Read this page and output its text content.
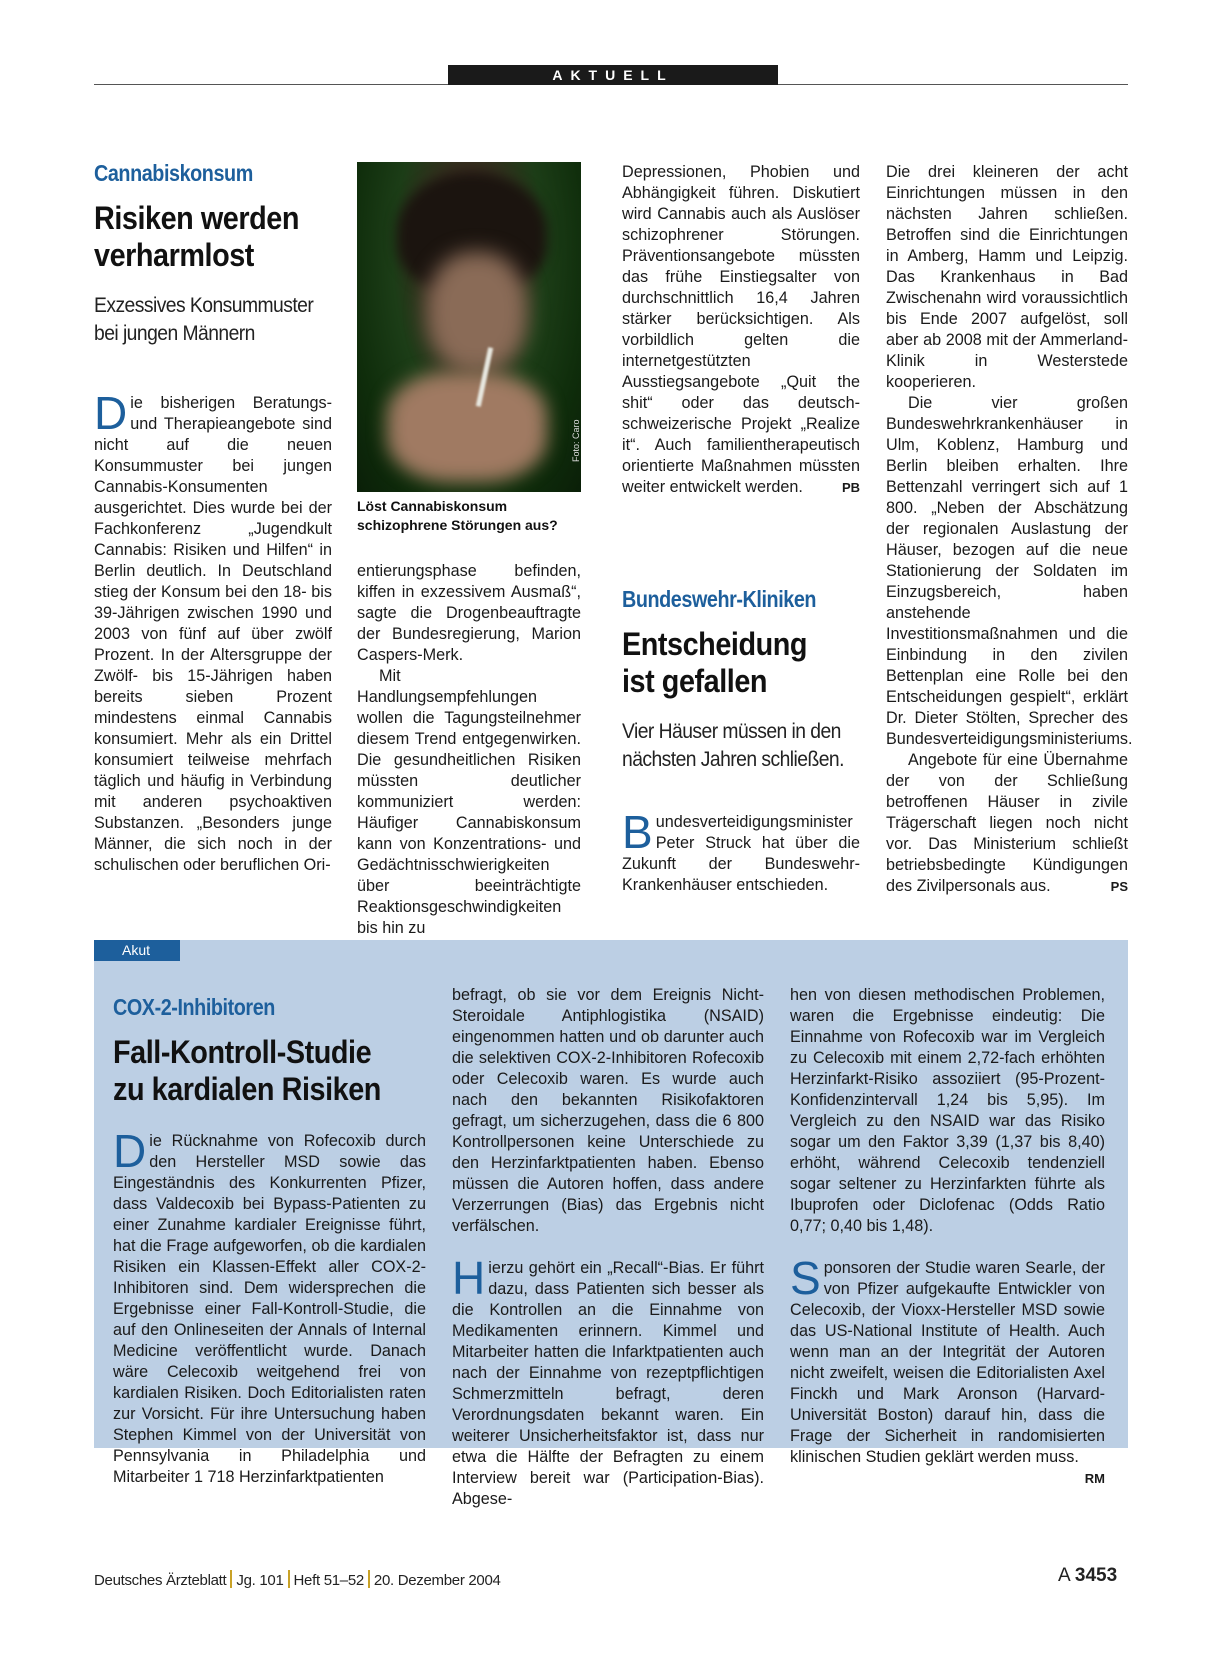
AKTUELL
Cannabiskonsum
Risiken werden
verharmlost
Exzessives Konsummuster
bei jungen Männern

Die bisherigen Beratungs- und Therapieangebote sind nicht auf die neuen Konsummuster bei jungen Cannabis-Konsumenten ausgerichtet. Dies wurde bei der Fachkonferenz „Jugendkult Cannabis: Risiken und Hilfen“ in Berlin deutlich. In Deutschland stieg der Konsum bei den 18- bis 39-Jährigen zwischen 1990 und 2003 von fünf auf über zwölf Prozent. In der Altersgruppe der Zwölf- bis 15-Jährigen haben bereits sieben Prozent mindestens einmal Cannabis konsumiert. Mehr als ein Drittel konsumiert teilweise mehrfach täglich und häufig in Verbindung mit anderen psychoaktiven Substanzen. „Besonders junge Männer, die sich noch in der schulischen oder beruflichen Ori-

Foto: Caro
Löst Cannabiskonsum schizophrene Störungen aus?

entierungsphase befinden, kiffen in exzessivem Ausmaß“, sagte die Drogenbeauftragte der Bundesregierung, Marion Caspers-Merk.

Mit Handlungsempfehlungen wollen die Tagungsteilnehmer diesem Trend entgegenwirken. Die gesundheitlichen Risiken müssten deutlicher kommuniziert werden: Häufiger Cannabiskonsum kann von Konzentrations- und Gedächtnisschwierigkeiten über beeinträchtigte Reaktionsgeschwindigkeiten bis hin zu

Depressionen, Phobien und Abhängigkeit führen. Diskutiert wird Cannabis auch als Auslöser schizophrener Störungen. Präventionsangebote müssten das frühe Einstiegsalter von durchschnittlich 16,4 Jahren stärker berücksichtigen. Als vorbildlich gelten die internetgestützten Ausstiegsangebote „Quit the shit“ oder das deutsch-schweizerische Projekt „Realize it“. Auch familientherapeutisch orientierte Maßnahmen müssten weiter entwickelt werden.	PB

Bundeswehr-Kliniken
Entscheidung
ist gefallen
Vier Häuser müssen in den
nächsten Jahren schließen.

Bundesverteidigungsminister Peter Struck hat über die Zukunft der Bundeswehr-Krankenhäuser entschieden.

Die drei kleineren der acht Einrichtungen müssen in den nächsten Jahren schließen. Betroffen sind die Einrichtungen in Amberg, Hamm und Leipzig. Das Krankenhaus in Bad Zwischenahn wird voraussichtlich bis Ende 2007 aufgelöst, soll aber ab 2008 mit der Ammerland-Klinik in Westerstede kooperieren.

Die vier großen Bundeswehrkrankenhäuser in Ulm, Koblenz, Hamburg und Berlin bleiben erhalten. Ihre Bettenzahl verringert sich auf 1 800. „Neben der Abschätzung der regionalen Auslastung der Häuser, bezogen auf die neue Stationierung der Soldaten im Einzugsbereich, haben anstehende Investitionsmaßnahmen und die Einbindung in den zivilen Bettenplan eine Rolle bei den Entscheidungen gespielt“, erklärt Dr. Dieter Stölten, Sprecher des Bundesverteidigungsministeriums.

Angebote für eine Übernahme der von der Schließung betroffenen Häuser in zivile Trägerschaft liegen noch nicht vor. Das Ministerium schließt betriebsbedingte Kündigungen des Zivilpersonals aus.	PS

Akut
COX-2-Inhibitoren
Fall-Kontroll-Studie
zu kardialen Risiken

Die Rücknahme von Rofecoxib durch den Hersteller MSD sowie das Eingeständnis des Konkurrenten Pfizer, dass Valdecoxib bei Bypass-Patienten zu einer Zunahme kardialer Ereignisse führt, hat die Frage aufgeworfen, ob die kardialen Risiken ein Klassen-Effekt aller COX-2-Inhibitoren sind. Dem widersprechen die Ergebnisse einer Fall-Kontroll-Studie, die auf den Onlineseiten der Annals of Internal Medicine veröffentlicht wurde. Danach wäre Celecoxib weitgehend frei von kardialen Risiken. Doch Editorialisten raten zur Vorsicht. Für ihre Untersuchung haben Stephen Kimmel von der Universität von Pennsylvania in Philadelphia und Mitarbeiter 1 718 Herzinfarktpatienten

befragt, ob sie vor dem Ereignis Nicht-Steroidale Antiphlogistika (NSAID) eingenommen hatten und ob darunter auch die selektiven COX-2-Inhibitoren Rofecoxib oder Celecoxib waren. Es wurde auch nach den bekannten Risikofaktoren gefragt, um sicherzugehen, dass die 6 800 Kontrollpersonen keine Unterschiede zu den Herzinfarktpatienten haben. Ebenso müssen die Autoren hoffen, dass andere Verzerrungen (Bias) das Ergebnis nicht verfälschen.

Hierzu gehört ein „Recall“-Bias. Er führt dazu, dass Patienten sich besser als die Kontrollen an die Einnahme von Medikamenten erinnern. Kimmel und Mitarbeiter hatten die Infarktpatienten auch nach der Einnahme von rezeptpflichtigen Schmerzmitteln befragt, deren Verordnungsdaten bekannt waren. Ein weiterer Unsicherheitsfaktor ist, dass nur etwa die Hälfte der Befragten zu einem Interview bereit war (Participation-Bias). Abgese-

hen von diesen methodischen Problemen, waren die Ergebnisse eindeutig: Die Einnahme von Rofecoxib war im Vergleich zu Celecoxib mit einem 2,72-fach erhöhten Herzinfarkt-Risiko assoziiert (95-Prozent-Konfidenzintervall 1,24 bis 5,95). Im Vergleich zu den NSAID war das Risiko sogar um den Faktor 3,39 (1,37 bis 8,40) erhöht, während Celecoxib tendenziell sogar seltener zu Herzinfarkten führte als Ibuprofen oder Diclofenac (Odds Ratio 0,77; 0,40 bis 1,48).

Sponsoren der Studie waren Searle, der von Pfizer aufgekaufte Entwickler von Celecoxib, der Vioxx-Hersteller MSD sowie das US-National Institute of Health. Auch wenn man an der Integrität der Autoren nicht zweifelt, weisen die Editorialisten Axel Finckh und Mark Aronson (Harvard-Universität Boston) darauf hin, dass die Frage der Sicherheit in randomisierten klinischen Studien geklärt werden muss.
RM

Deutsches Ärzteblatt Jg. 101 Heft 51–52 20. Dezember 2004	A 3453
